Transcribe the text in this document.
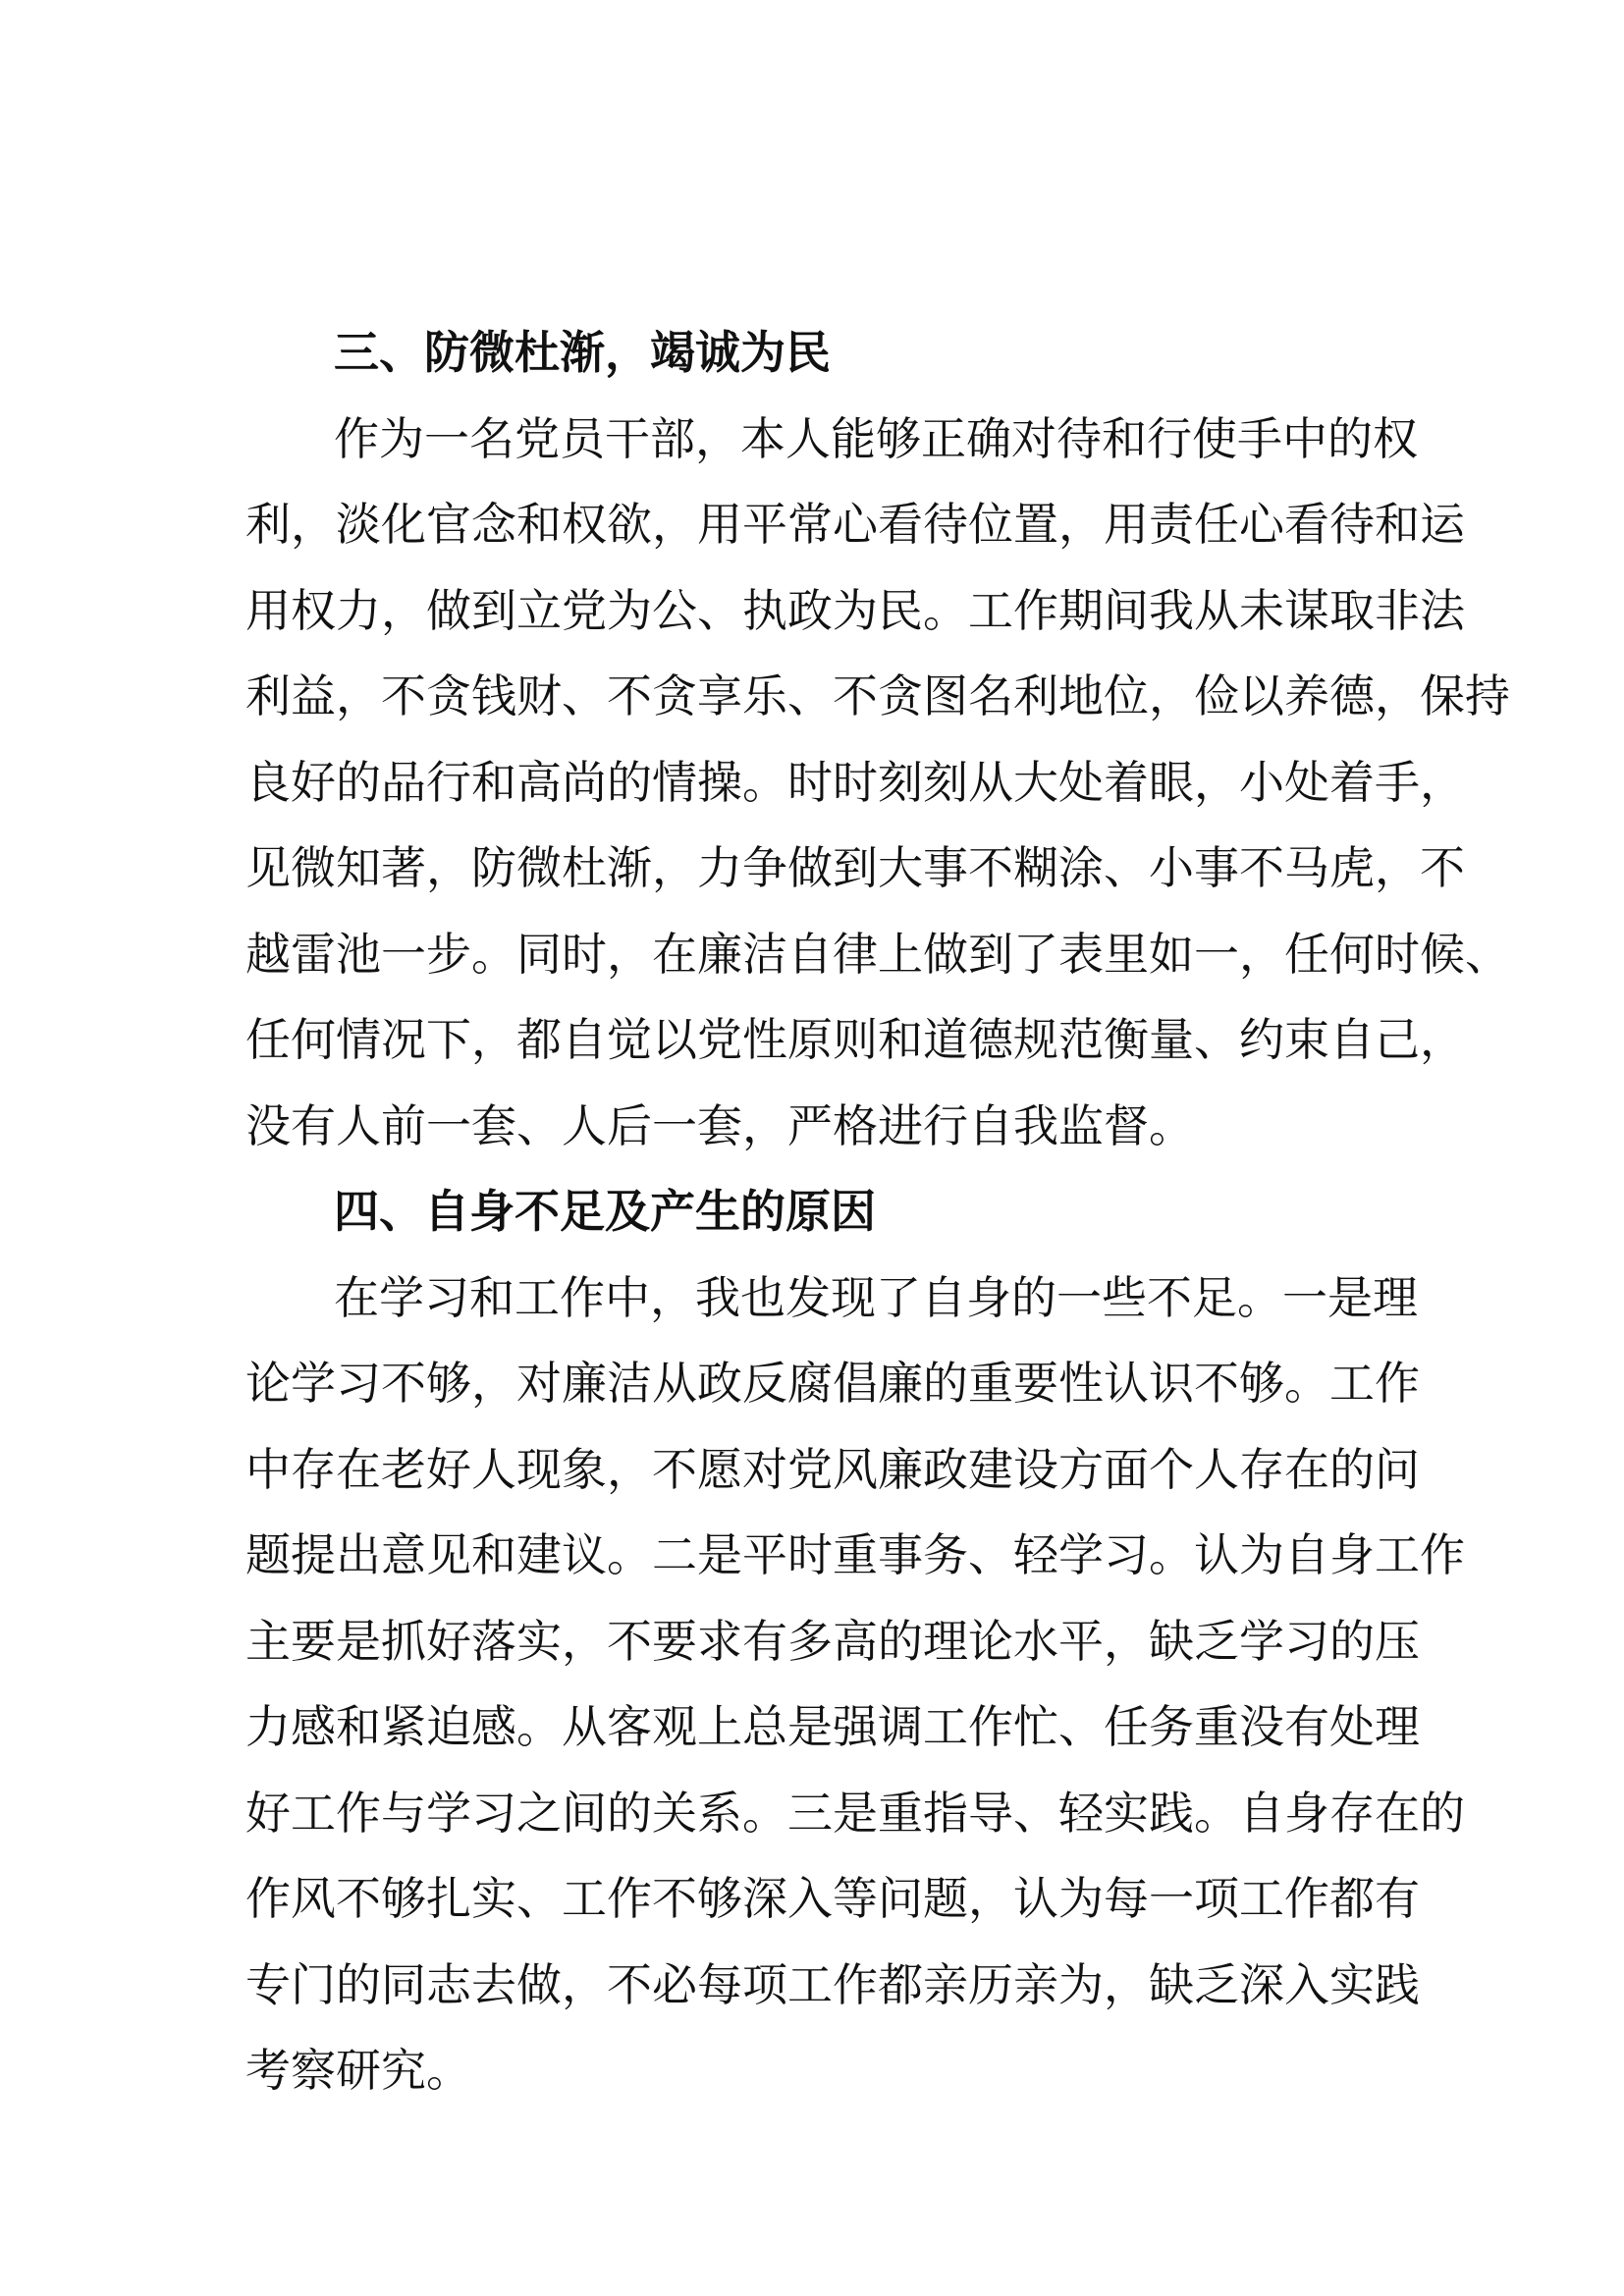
三、防微杜渐，竭诚为民

作为一名党员干部，本人能够正确对待和行使手中的权
利，淡化官念和权欲，用平常心看待位置，用责任心看待和运
用权力，做到立党为公、执政为民。工作期间我从未谋取非法
利益，不贪钱财、不贪享乐、不贪图名利地位，俭以养德，保持
良好的品行和高尚的情操。时时刻刻从大处着眼，小处着手，
见微知著，防微杜渐，力争做到大事不糊涂、小事不马虎，不
越雷池一步。同时，在廉洁自律上做到了表里如一，任何时候、
任何情况下，都自觉以党性原则和道德规范衡量、约束自己，
没有人前一套、人后一套，严格进行自我监督。

四、自身不足及产生的原因

在学习和工作中，我也发现了自身的一些不足。一是理
论学习不够，对廉洁从政反腐倡廉的重要性认识不够。工作
中存在老好人现象，不愿对党风廉政建设方面个人存在的问
题提出意见和建议。二是平时重事务、轻学习。认为自身工作
主要是抓好落实，不要求有多高的理论水平，缺乏学习的压
力感和紧迫感。从客观上总是强调工作忙、任务重没有处理
好工作与学习之间的关系。三是重指导、轻实践。自身存在的
作风不够扎实、工作不够深入等问题，认为每一项工作都有
专门的同志去做，不必每项工作都亲历亲为，缺乏深入实践
考察研究。
